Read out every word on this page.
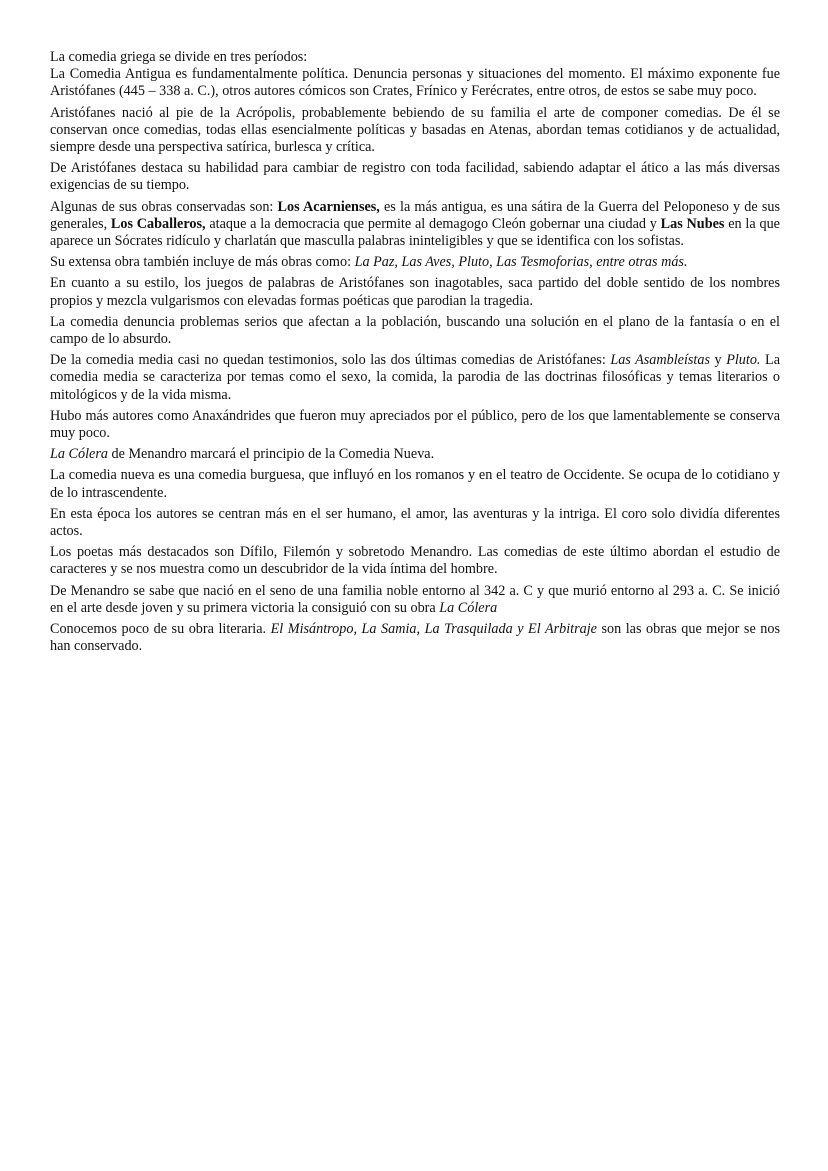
La comedia griega se divide en tres períodos:

La Comedia Antigua es fundamentalmente política. Denuncia personas y situaciones del momento. El máximo exponente fue Aristófanes (445 – 338 a. C.), otros autores cómicos son Crates, Frínico y Ferécrates, entre otros, de estos se sabe muy poco.

Aristófanes nació al pie de la Acrópolis, probablemente bebiendo de su familia el arte de componer comedias. De él se conservan once comedias, todas ellas esencialmente políticas y basadas en Atenas, abordan temas cotidianos y de actualidad, siempre desde una perspectiva satírica, burlesca y crítica.

De Aristófanes destaca su habilidad para cambiar de registro con toda facilidad, sabiendo adaptar el ático a las más diversas exigencias de su tiempo.

Algunas de sus obras conservadas son: Los Acarnienses, es la más antigua, es una sátira de la Guerra del Peloponeso y de sus generales, Los Caballeros, ataque a la democracia que permite al demagogo Cleón gobernar una ciudad y Las Nubes en la que aparece un Sócrates ridículo y charlatán que masculla palabras ininteligibles y que se identifica con los sofistas.

Su extensa obra también incluye de más obras como: La Paz, Las Aves, Pluto, Las Tesmoforias, entre otras más.

En cuanto a su estilo, los juegos de palabras de Aristófanes son inagotables, saca partido del doble sentido de los nombres propios y mezcla vulgarismos con elevadas formas poéticas que parodian la tragedia.

La comedia denuncia problemas serios que afectan a la población, buscando una solución en el plano de la fantasía o en el campo de lo absurdo.

De la comedia media casi no quedan testimonios, solo las dos últimas comedias de Aristófanes: Las Asambleístas y Pluto. La comedia media se caracteriza por temas como el sexo, la comida, la parodia de las doctrinas filosóficas y temas literarios o mitológicos y de la vida misma.

Hubo más autores como Anaxándrides que fueron muy apreciados por el público, pero de los que lamentablemente se conserva muy poco.

La Cólera de Menandro marcará el principio de la Comedia Nueva.

La comedia nueva es una comedia burguesa, que influyó en los romanos y en el teatro de Occidente. Se ocupa de lo cotidiano y de lo intrascendente.

En esta época los autores se centran más en el ser humano, el amor, las aventuras y la intriga. El coro solo dividía diferentes actos.

Los poetas más destacados son Dífilo, Filemón y sobretodo Menandro. Las comedias de este último abordan el estudio de caracteres y se nos muestra como un descubridor de la vida íntima del hombre.

De Menandro se sabe que nació en el seno de una familia noble entorno al 342 a. C y que murió entorno al 293 a. C. Se inició en el arte desde joven y su primera victoria la consiguió con su obra La Cólera

Conocemos poco de su obra literaria. El Misántropo, La Samia, La Trasquilada y El Arbitraje son las obras que mejor se nos han conservado.
